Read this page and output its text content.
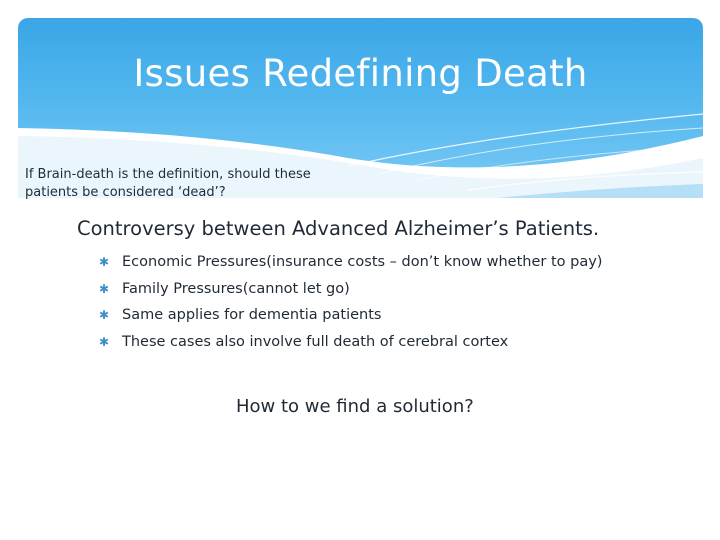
Issues Redefining Death
If Brain-death is the definition, should these patients be considered ‘dead’?
Controversy between Advanced Alzheimer’s Patients.
✱ Economic Pressures(insurance costs – don’t know whether to pay)
✱ Family Pressures(cannot let go)
✱ Same applies for dementia patients
✱ These cases also involve full death of cerebral cortex
How to we find a solution?
